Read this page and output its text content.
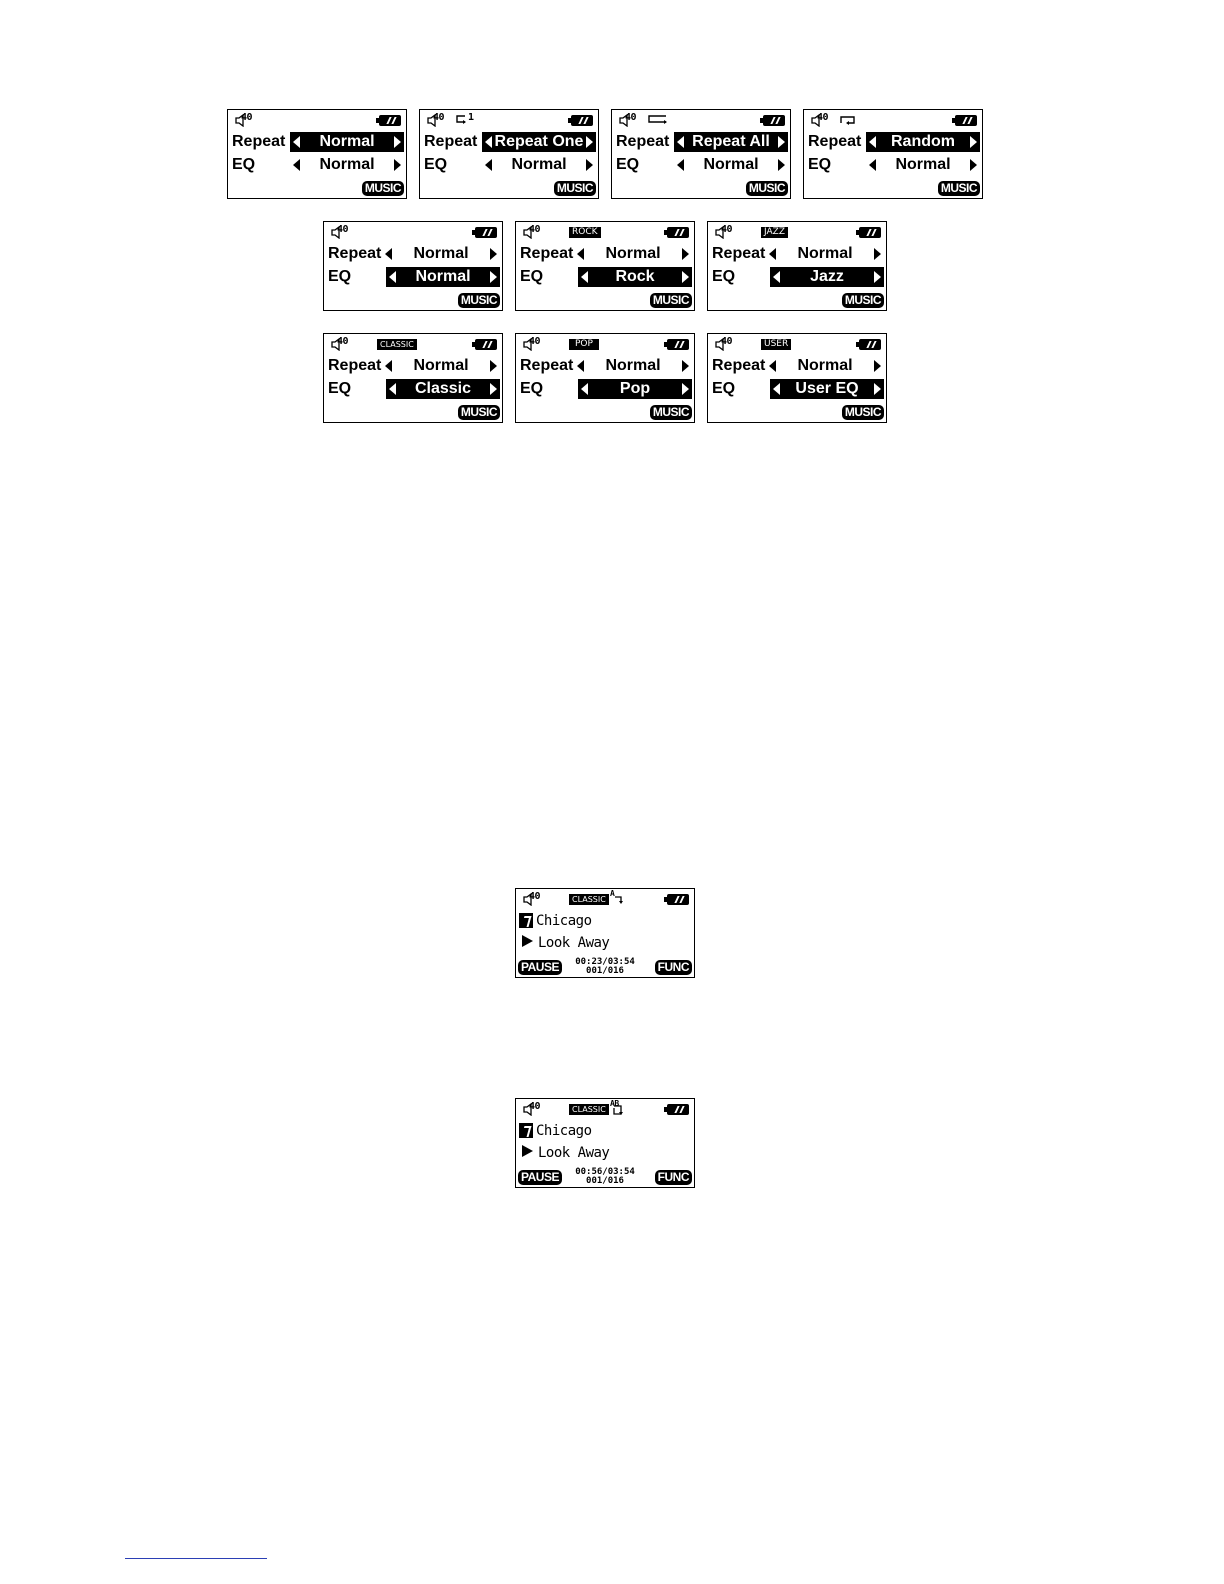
40
Repeat	Normal
EQ	Normal
MUSIC
40 1
Repeat Repeat One
EQ	Normal
MUSIC
40
Repeat Repeat All
EQ	Normal
MUSIC
40
Repeat	Random
EQ	Normal
MUSIC
40
Repeat	Normal
EQ	Normal
MUSIC
40	ROCK
Repeat	Normal
EQ	Rock
MUSIC
40	JAZZ
Repeat	Normal
EQ	Jazz
MUSIC
40	CLASSIC
Repeat	Normal
EQ	Classic
MUSIC
40	POP
Repeat	Normal
EQ	Pop
MUSIC
40	USER
Repeat	Normal
EQ	User EQ
MUSIC
40	CLASSIC
A
Chicago
Look Away
PAUSE	00:23/03:54
001/016	FUNC
40	CLASSIC
AB
Chicago
Look Away
PAUSE	00:56/03:54
001/016	FUNC
